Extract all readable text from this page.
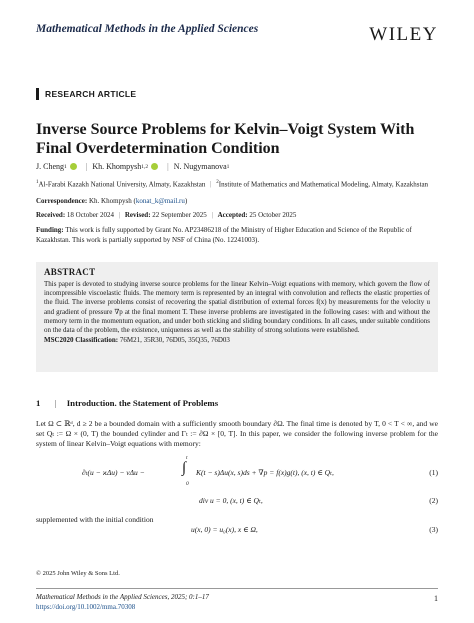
Mathematical Methods in the Applied Sciences	WILEY
RESEARCH ARTICLE
Inverse Source Problems for Kelvin–Voigt System With Final Overdetermination Condition
J. Cheng 1 | Kh. Khompysh 1,2 | N. Nugymanova 1
$^1$Al-Farabi Kazakh National University, Almaty, Kazakhstan | $^2$Institute of Mathematics and Mathematical Modeling, Almaty, Kazakhstan
Correspondence: Kh. Khompysh (konat_k@mail.ru)
Received: 18 October 2024 | Revised: 22 September 2025 | Accepted: 25 October 2025
Funding: This work is fully supported by Grant No. AP23486218 of the Ministry of Higher Education and Science of the Republic of Kazakhstan. This work is partially supported by NSF of China (No. 12241003).
ABSTRACT

This paper is devoted to studying inverse source problems for the linear Kelvin–Voigt equations with memory, which govern the flow of incompressible viscoelastic fluids. The memory term is represented by an integral with convolution and reflects the elastic properties of the fluid. The inverse problems consist of recovering the spatial distribution of external forces f(x) by measurements for the velocity u and gradient of pressure ∇p at the final moment T. These inverse problems are investigated in the following cases: with and without the memory term in the momentum equation, and under both sticking and sliding boundary conditions. In all cases, under suitable conditions on the data of the problem, the existence, uniqueness as well as the stability of strong solutions were established.

MSC2020 Classification: 76M21, 35R30, 76D05, 35Q35, 76D03
1 | Introduction. the Statement of Problems
Let Ω ⊂ ℝᵈ, d ≥ 2 be a bounded domain with a sufficiently smooth boundary ∂Ω. The final time is denoted by T, 0 < T < ∞, and we set Qₜ := Ω × (0, T) the bounded cylinder and Γₜ := ∂Ω × [0, T]. In this paper, we consider the following inverse problem for the system of linear Kelvin–Voigt equations with memory:
∂ₜ(u − ϰΔu) − νΔu −
t
∫
0
K(t − s)Δu(x, s)ds + ∇p = f(x)g(t), (x, t) ∈ Qₜ,	(1)
div u = 0, (x, t) ∈ Qₜ,	(2)
supplemented with the initial condition
u(x, 0) = u₀(x), x ∈ Ω,	(3)
© 2025 John Wiley & Sons Ltd.
Mathematical Methods in the Applied Sciences, 2025; 0:1–17
https://doi.org/10.1002/mma.70308
1
